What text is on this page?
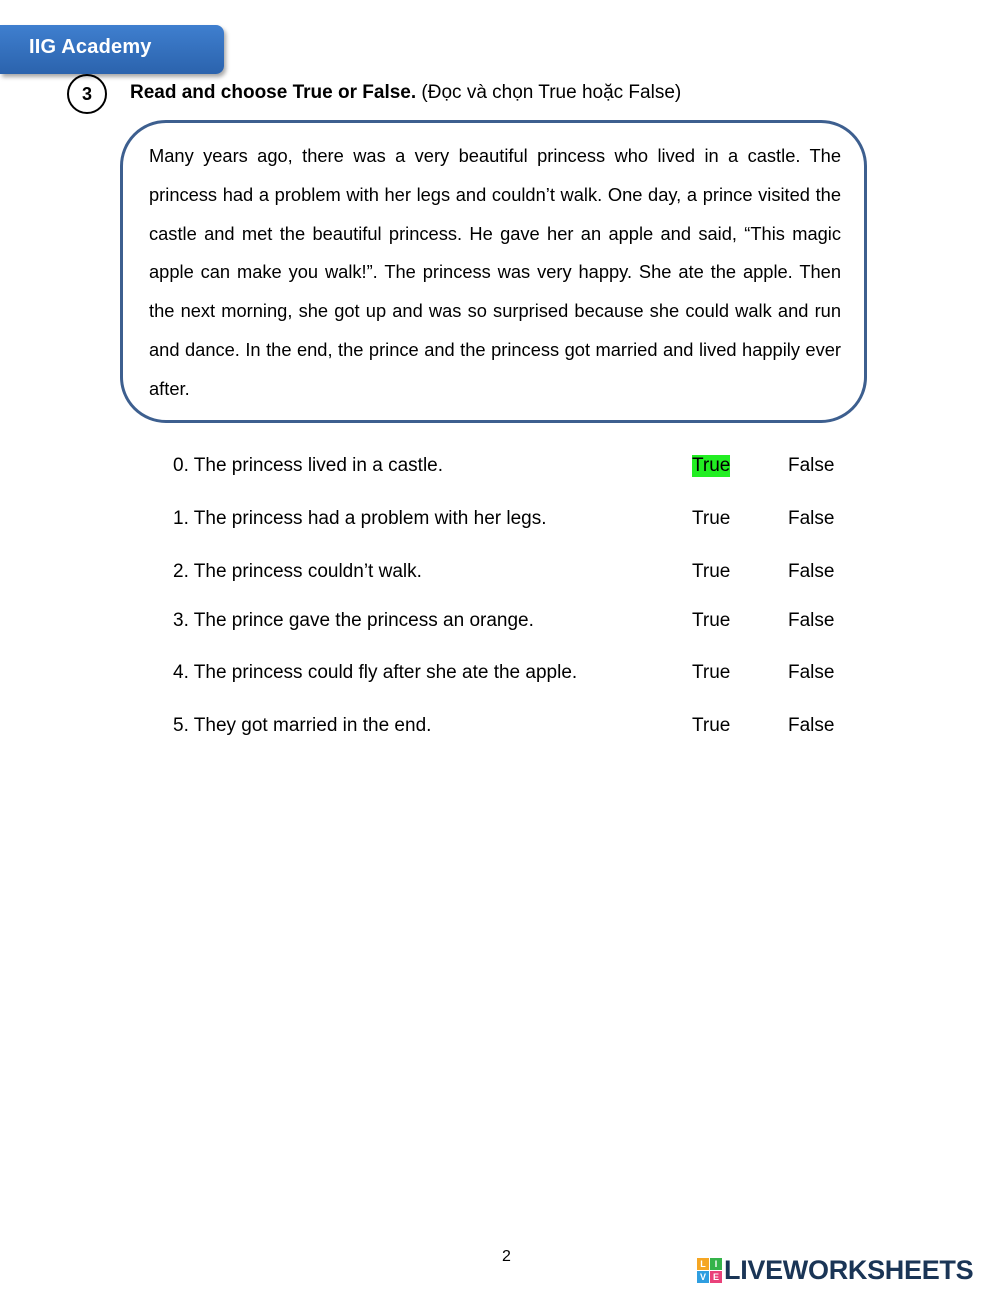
IIG Academy
3 Read and choose True or False. (Đọc và chọn True hoặc False)
Many years ago, there was a very beautiful princess who lived in a castle. The princess had a problem with her legs and couldn’t walk. One day, a prince visited the castle and met the beautiful princess. He gave her an apple and said, “This magic apple can make you walk!”. The princess was very happy. She ate the apple. Then the next morning, she got up and was so surprised because she could walk and run and dance. In the end, the prince and the princess got married and lived happily ever after.
0. The princess lived in a castle.	True	False
1. The princess had a problem with her legs.	True	False
2. The princess couldn’t walk.	True	False
3. The prince gave the princess an orange.	True	False
4. The princess could fly after she ate the apple.	True	False
5. They got married in the end.	True	False
2	L I
V E LIVEWORKSHEETS
